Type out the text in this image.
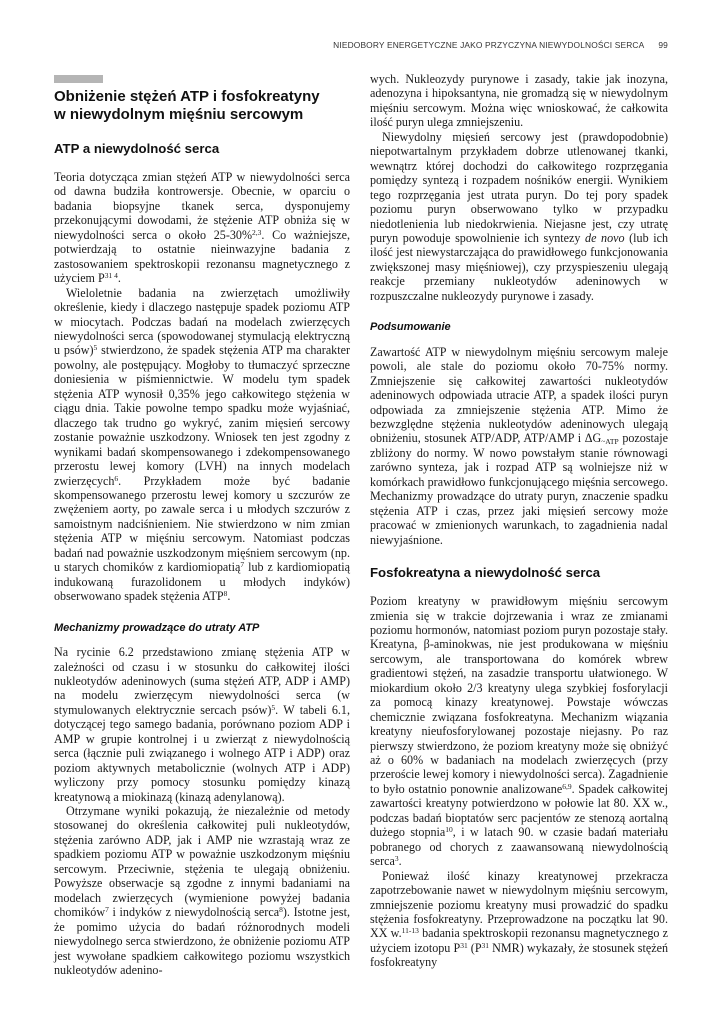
NIEDOBORY ENERGETYCZNE JAKO PRZYCZYNA NIEWYDOLNOŚCI SERCA 99
Obniżenie stężeń ATP i fosfokreatyny
w niewydolnym mięśniu sercowym
ATP a niewydolność serca

Teoria dotycząca zmian stężeń ATP w niewydolności serca od dawna budziła kontrowersje. Obecnie, w oparciu o badania biopsyjne tkanek serca, dysponujemy przekonującymi dowodami, że stężenie ATP obniża się w niewydolności serca o około 25-30%$^{2,3}$. Co ważniejsze, potwierdzają to ostatnie nieinwazyjne badania z zastosowaniem spektroskopii rezonansu magnetycznego z użyciem $P^{31 4}$.

Wieloletnie badania na zwierzętach umożliwiły określenie, kiedy i dlaczego następuje spadek poziomu ATP w miocytach. Podczas badań na modelach zwierzęcych niewydolności serca (spowodowanej stymulacją elektryczną u psów)$^5$ stwierdzono, że spadek stężenia ATP ma charakter powolny, ale postępujący. Mogłoby to tłumaczyć sprzeczne doniesienia w piśmiennictwie. W modelu tym spadek stężenia ATP wynosił 0,35% jego całkowitego stężenia w ciągu dnia. Takie powolne tempo spadku może wyjaśniać, dlaczego tak trudno go wykryć, zanim mięsień sercowy zostanie poważnie uszkodzony. Wniosek ten jest zgodny z wynikami badań skompensowanego i zdekompensowanego przerostu lewej komory (LVH) na innych modelach zwierzęcych$^6$. Przykładem może być badanie skompensowanego przerostu lewej komory u szczurów ze zwężeniem aorty, po zawale serca i u młodych szczurów z samoistnym nadciśnieniem. Nie stwierdzono w nim zmian stężenia ATP w mięśniu sercowym. Natomiast podczas badań nad poważnie uszkodzonym mięśniem sercowym (np. u starych chomików z kardiomiopatią$^7$ lub z kardiomiopatią indukowaną furazolidonem u młodych indyków) obserwowano spadek stężenia ATP$^8$.

Mechanizmy prowadzące do utraty ATP

Na rycinie 6.2 przedstawiono zmianę stężenia ATP w zależności od czasu i w stosunku do całkowitej ilości nukleotydów adeninowych (suma stężeń ATP, ADP i AMP) na modelu zwierzęcym niewydolności serca (w stymulowanych elektrycznie sercach psów)$^5$. W tabeli 6.1, dotyczącej tego samego badania, porównano poziom ADP i AMP w grupie kontrolnej i u zwierząt z niewydolnością serca (łącznie puli związanego i wolnego ATP i ADP) oraz poziom aktywnych metabolicznie (wolnych ATP i ADP) wyliczony przy pomocy stosunku pomiędzy kinazą kreatynową a miokinazą (kinazą adenylanową).

Otrzymane wyniki pokazują, że niezależnie od metody stosowanej do określenia całkowitej puli nukleotydów, stężenia zarówno ADP, jak i AMP nie wzrastają wraz ze spadkiem poziomu ATP w poważnie uszkodzonym mięśniu sercowym. Przeciwnie, stężenia te ulegają obniżeniu. Powyższe obserwacje są zgodne z innymi badaniami na modelach zwierzęcych (wymienione powyżej badania chomików$^7$ i indyków z niewydolnością serca$^8$). Istotne jest, że pomimo użycia do badań różnorodnych modeli niewydolnego serca stwierdzono, że obniżenie poziomu ATP jest wywołane spadkiem całkowitego poziomu wszystkich nukleotydów adenino-

wych. Nukleozydy purynowe i zasady, takie jak inozyna, adenozyna i hipoksantyna, nie gromadzą się w niewydolnym mięśniu sercowym. Można więc wnioskować, że całkowita ilość puryn ulega zmniejszeniu.

Niewydolny mięsień sercowy jest (prawdopodobnie) niepotwartalnym przykładem dobrze utlenowanej tkanki, wewnątrz której dochodzi do całkowitego rozprzęgania pomiędzy syntezą i rozpadem nośników energii. Wynikiem tego rozprzęgania jest utrata puryn. Do tej pory spadek poziomu puryn obserwowano tylko w przypadku niedotlenienia lub niedokrwienia. Niejasne jest, czy utratę puryn powoduje spowolnienie ich syntezy de novo (lub ich ilość jest niewystarczająca do prawidłowego funkcjonowania zwiększonej masy mięśniowej), czy przyspieszeniu ulegają reakcje przemiany nukleotydów adeninowych w rozpuszczalne nukleozydy purynowe i zasady.

Podsumowanie

Zawartość ATP w niewydolnym mięśniu sercowym maleje powoli, ale stale do poziomu około 70-75% normy. Zmniejszenie się całkowitej zawartości nukleotydów adeninowych odpowiada utracie ATP, a spadek ilości puryn odpowiada za zmniejszenie stężenia ATP. Mimo że bezwzględne stężenia nukleotydów adeninowych ulegają obniżeniu, stosunek ATP/ADP, ATP/AMP i $\Delta G_{\sim ATP}$ pozostaje zbliżony do normy. W nowo powstałym stanie równowagi zarówno synteza, jak i rozpad ATP są wolniejsze niż w komórkach prawidłowo funkcjonującego mięśnia sercowego. Mechanizmy prowadzące do utraty puryn, znaczenie spadku stężenia ATP i czas, przez jaki mięsień sercowy może pracować w zmienionych warunkach, to zagadnienia nadal niewyjaśnione.

Fosfokreatyna a niewydolność serca

Poziom kreatyny w prawidłowym mięśniu sercowym zmienia się w trakcie dojrzewania i wraz ze zmianami poziomu hormonów, natomiast poziom puryn pozostaje stały. Kreatyna, β-aminokwas, nie jest produkowana w mięśniu sercowym, ale transportowana do komórek wbrew gradientowi stężeń, na zasadzie transportu ułatwionego. W miokardium około 2/3 kreatyny ulega szybkiej fosforylacji za pomocą kinazy kreatynowej. Powstaje wówczas chemicznie związana fosfokreatyna. Mechanizm wiązania kreatyny nieufosforylowanej pozostaje niejasny. Po raz pierwszy stwierdzono, że poziom kreatyny może się obniżyć aż o 60% w badaniach na modelach zwierzęcych (przy przeroście lewej komory i niewydolności serca). Zagadnienie to było ostatnio ponownie analizowane$^{6,9}$. Spadek całkowitej zawartości kreatyny potwierdzono w połowie lat 80. XX w., podczas badań bioptatów serc pacjentów ze stenozą aortalną dużego stopnia$^{10}$, i w latach 90. w czasie badań materiału pobranego od chorych z zaawansowaną niewydolnością serca$^3$.

Ponieważ ilość kinazy kreatynowej przekracza zapotrzebowanie nawet w niewydolnym mięśniu sercowym, zmniejszenie poziomu kreatyny musi prowadzić do spadku stężenia fosfokreatyny. Przeprowadzone na początku lat 90. XX w.$^{11-13}$ badania spektroskopii rezonansu magnetycznego z użyciem izotopu $P^{31}$ ($P^{31}$ NMR) wykazały, że stosunek stężeń fosfokreatyny
